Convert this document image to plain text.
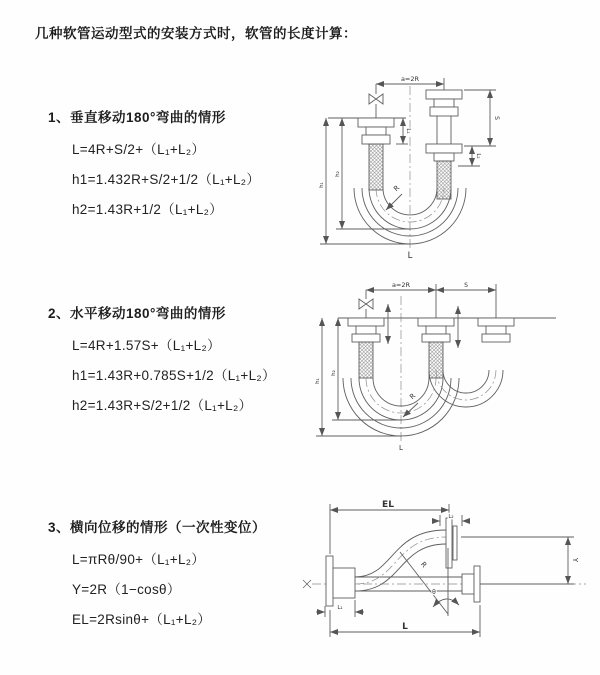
几种软管运动型式的安装方式时，软管的长度计算：
1、垂直移动180°弯曲的情形
L=4R+S/2+（L₁+L₂）
h1=1.432R+S/2+1/2（L₁+L₂）
h2=1.43R+1/2（L₁+L₂）
2、水平移动180°弯曲的情形
L=4R+1.57S+（L₁+L₂）
h1=1.43R+0.785S+1/2（L₁+L₂）
h2=1.43R+S/2+1/2（L₁+L₂）
3、横向位移的情形（一次性变位）
L=πRθ/90+（L₁+L₂）
Y=2R（1−cosθ）
EL=2Rsinθ+（L₁+L₂）
a=2R
L₁
S
L₂
R
h₁
h₂
L
a=2R	S
R
h₁
h₂
L
EL
L₂
Y
θ
R
L₁
L
